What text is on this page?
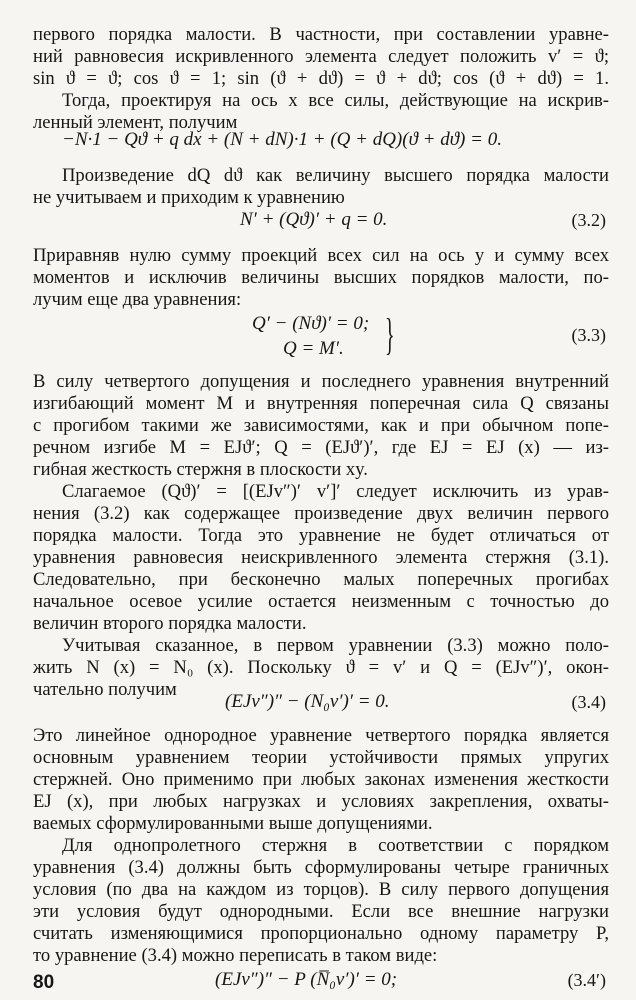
первого порядка малости. В частности, при составлении уравне-
ний равновесия искривленного элемента следует положить v′ = ϑ;
sin ϑ = ϑ; cos ϑ = 1; sin (ϑ + dϑ) = ϑ + dϑ; cos (ϑ + dϑ) = 1.
Тогда, проектируя на ось x все силы, действующие на искрив-
ленный элемент, получим
−N·1 − Qϑ + q dx + (N + dN)·1 + (Q + dQ)(ϑ + dϑ) = 0.
Произведение dQ dϑ как величину высшего порядка малости
не учитываем и приходим к уравнению
N′ + (Qϑ)′ + q = 0.	(3.2)
Приравняв нулю сумму проекций всех сил на ось y и сумму всех
моментов и исключив величины высших порядков малости, по-
лучим еще два уравнения:
Q′ − (Nϑ)′ = 0;
Q = M′. }	(3.3)
В силу четвертого допущения и последнего уравнения внутренний
изгибающий момент M и внутренняя поперечная сила Q связаны
с прогибом такими же зависимостями, как и при обычном попе-
речном изгибе M = EJϑ′; Q = (EJϑ′)′, где EJ = EJ (x) — из-
гибная жесткость стержня в плоскости xy.
Слагаемое (Qϑ)′ = [(EJv″)′ v′]′ следует исключить из урав-
нения (3.2) как содержащее произведение двух величин первого
порядка малости. Тогда это уравнение не будет отличаться от
уравнения равновесия неискривленного элемента стержня (3.1).
Следовательно, при бесконечно малых поперечных прогибах
начальное осевое усилие остается неизменным с точностью до
величин второго порядка малости.
Учитывая сказанное, в первом уравнении (3.3) можно поло-
жить N (x) = N₀ (x). Поскольку ϑ = v′ и Q = (EJv″)′, окон-
чательно получим
(EJv″)″ − (N₀v′)′ = 0.	(3.4)
Это линейное однородное уравнение четвертого порядка является
основным уравнением теории устойчивости прямых упругих
стержней. Оно применимо при любых законах изменения жесткости
EJ (x), при любых нагрузках и условиях закрепления, охваты-
ваемых сформулированными выше допущениями.
Для однопролетного стержня в соответствии с порядком
уравнения (3.4) должны быть сформулированы четыре граничных
условия (по два на каждом из торцов). В силу первого допущения
эти условия будут однородными. Если все внешние нагрузки
считать изменяющимися пропорционально одному параметру P,
то уравнение (3.4) можно переписать в таком виде:
(EJv″)″ − P (N̅₀v′)′ = 0;	(3.4′)
80
